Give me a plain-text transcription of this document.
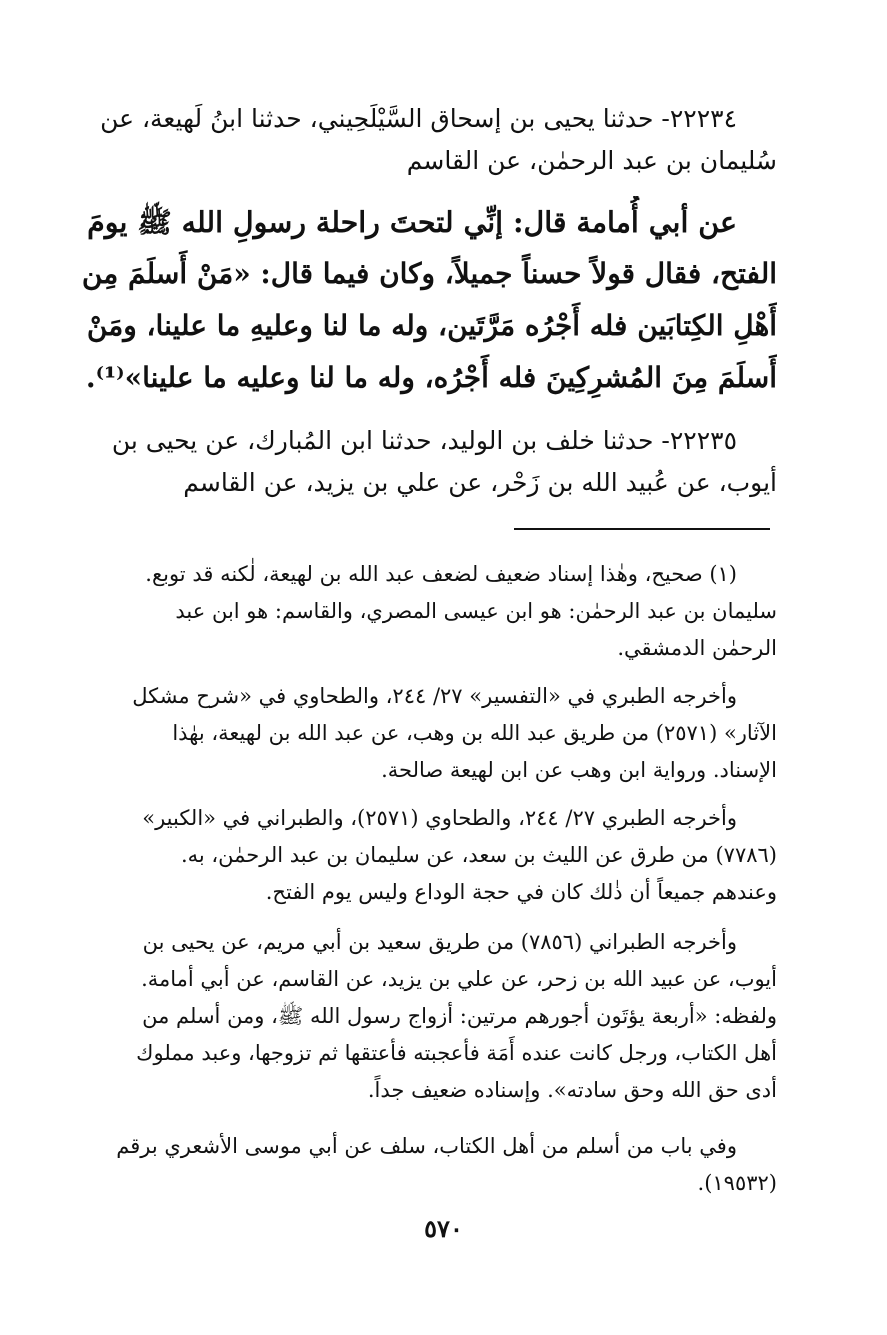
٢٢٢٣٤- حدثنا يحيى بن إسحاق السَّيْلَحِيني، حدثنا ابنُ لَهيعة، عن
سُليمان بن عبد الرحمٰن، عن القاسم
عن أبي أُمامة قال: إنِّي لتحتَ راحلة رسولِ الله ﷺ يومَ
الفتح، فقال قولاً حسناً جميلاً، وكان فيما قال: «مَنْ أَسلَمَ مِن
أَهْلِ الكِتابَين فله أَجْرُه مَرَّتَين، وله ما لنا وعليهِ ما علينا، ومَنْ
أَسلَمَ مِنَ المُشرِكِينَ فله أَجْرُه، وله ما لنا وعليه ما علينا»⁽¹⁾.
٢٢٢٣٥- حدثنا خلف بن الوليد، حدثنا ابن المُبارك، عن يحيى بن
أيوب، عن عُبيد الله بن زَحْر، عن علي بن يزيد، عن القاسم
(١) صحيح، وهٰذا إسناد ضعيف لضعف عبد الله بن لهيعة، لٰكنه قد توبع.
سليمان بن عبد الرحمٰن: هو ابن عيسى المصري، والقاسم: هو ابن عبد
الرحمٰن الدمشقي.
وأخرجه الطبري في «التفسير» ٢٧/ ٢٤٤، والطحاوي في «شرح مشكل
الآثار» (٢٥٧١) من طريق عبد الله بن وهب، عن عبد الله بن لهيعة، بهٰذا
الإسناد. ورواية ابن وهب عن ابن لهيعة صالحة.
وأخرجه الطبري ٢٧/ ٢٤٤، والطحاوي (٢٥٧١)، والطبراني في «الكبير»
(٧٧٨٦) من طرق عن الليث بن سعد، عن سليمان بن عبد الرحمٰن، به.
وعندهم جميعاً أن ذٰلك كان في حجة الوداع وليس يوم الفتح.
وأخرجه الطبراني (٧٨٥٦) من طريق سعيد بن أبي مريم، عن يحيى بن
أيوب، عن عبيد الله بن زحر، عن علي بن يزيد، عن القاسم، عن أبي أمامة.
ولفظه: «أربعة يؤتَون أجورهم مرتين: أزواج رسول الله ﷺ، ومن أسلم من
أهل الكتاب، ورجل كانت عنده أَمَة فأعجبته فأعتقها ثم تزوجها، وعبد مملوك
أدى حق الله وحق سادته». وإسناده ضعيف جداً.
وفي باب من أسلم من أهل الكتاب، سلف عن أبي موسى الأشعري برقم
(١٩٥٣٢).
٥٧٠
